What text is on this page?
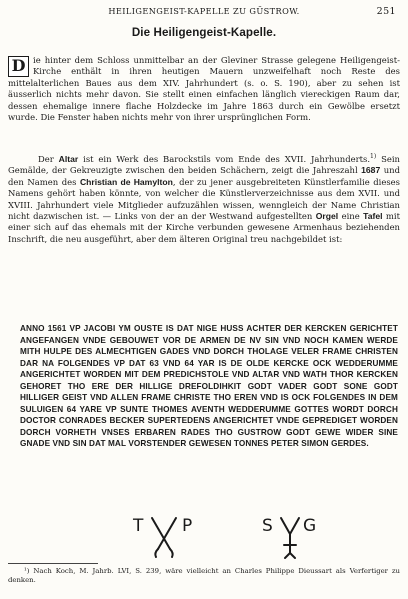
HEILIGENGEIST-KAPELLE ZU GÜSTROW.	251
Die Heiligengeist-Kapelle.
D ie hinter dem Schloss unmittelbar an der Gleviner Strasse gelegene Heiligengeist-Kirche enthält in ihren heutigen Mauern unzweifelhaft noch Reste des mittelalterlichen Baues aus dem XIV. Jahrhundert (s. o. S. 190), aber zu sehen ist äusserlich nichts mehr davon. Sie stellt einen einfachen länglich viereckigen Raum dar, dessen ehemalige innere flache Holzdecke im Jahre 1863 durch ein Gewölbe ersetzt wurde. Die Fenster haben nichts mehr von ihrer ursprünglichen Form.
Der Altar ist ein Werk des Barockstils vom Ende des XVII. Jahrhunderts.$^{1)}$ Sein Gemälde, der Gekreuzigte zwischen den beiden Schächern, zeigt die Jahreszahl 1687 und den Namen des Christian de Hamylton, der zu jener ausgebreiteten Künstlerfamilie dieses Namens gehört haben könnte, von welcher die Künstlerverzeichnisse aus dem XVII. und XVIII. Jahrhundert viele Mitglieder aufzuzählen wissen, wenngleich der Name Christian nicht dazwischen ist. — Links von der an der Westwand aufgestellten Orgel eine Tafel mit einer sich auf das ehemals mit der Kirche verbunden gewesene Armenhaus beziehenden Inschrift, die neu ausgeführt, aber dem älteren Original treu nachgebildet ist:
ANNO 1561 VP JACOBI YM OUSTE IS DAT NIGE HUSS ACHTER DER KERCKEN GERICHTET ANGEFANGEN VNDE GEBOUWET VOR DE ARMEN DE NV SIN VND NOCH KAMEN WERDE MITH HULPE DES ALMECHTIGEN GADES VND DORCH THOLAGE VELER FRAME CHRISTEN DAR NA FOLGENDES VP DAT 63 VND 64 YAR IS DE OLDE KERCKE OCK WEDDERUMME ANGERICHTET WORDEN MIT DEM PREDICHSTOLE VND ALTAR VND WATH THOR KERCKEN GEHORET THO ERE DER HILLIGE DREFOLDIHKIT GODT VADER GODT SONE GODT HILLIGER GEIST VND ALLEN FRAME CHRISTE THO EREN VND IS OCK FOLGENDES IN DEM SULUIGEN 64 YARE VP SUNTE THOMES AVENTH WEDDERUMME GOTTES WORDT DORCH DOCTOR CONRADES BECKER SUPERTEDENS ANGERICHTET VNDE GEPREDIGET WORDEN DORCH VORHETH VNSES ERBAREN RADES THO GUSTROW GODT GEWE WIDER SINE GNADE VND SIN DAT MAL VORSTENDER GEWESEN TONNES PETER SIMON GERDES.
T P	S G
¹) Nach Koch, M. Jahrb. LVI, S. 239, wäre vielleicht an Charles Philippe Dieussart als Verfertiger zu denken.
